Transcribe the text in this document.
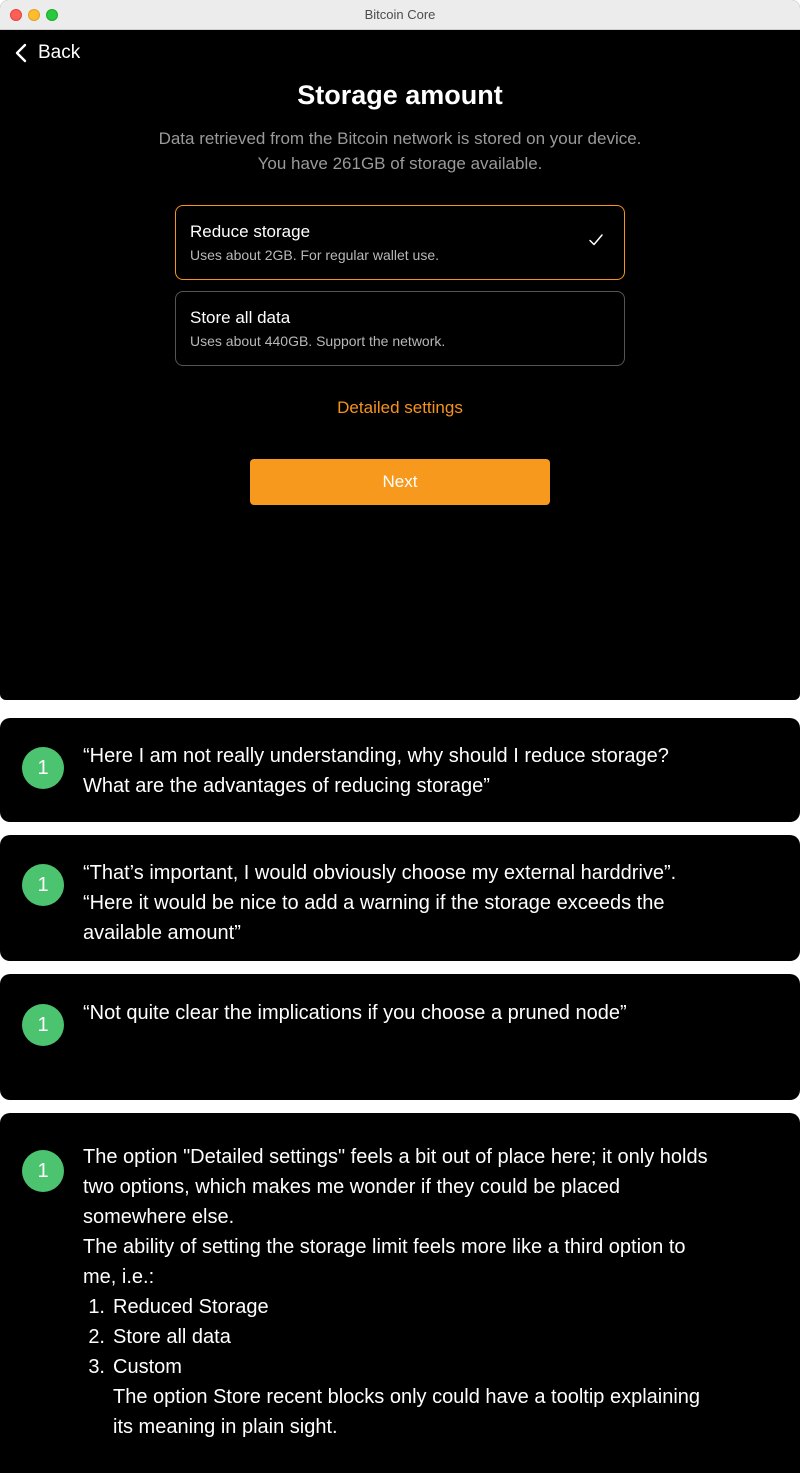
Bitcoin Core
Back
Storage amount
Data retrieved from the Bitcoin network is stored on your device.
You have 261GB of storage available.
Reduce storage
Uses about 2GB. For regular wallet use.
Store all data
Uses about 440GB. Support the network.
Detailed settings
Next
1

“Here I am not really understanding, why should I reduce storage?

What are the advantages of reducing storage”

1

“That’s important, I would obviously choose my external harddrive”.

“Here it would be nice to add a warning if the storage exceeds the

available amount”

1

“Not quite clear the implications if you choose a pruned node”

1

The option "Detailed settings" feels a bit out of place here; it only holds

two options, which makes me wonder if they could be placed

somewhere else.

The ability of setting the storage limit feels more like a third option to

me, i.e.:

1. Reduced Storage
2. Store all data
3. Custom

The option Store recent blocks only could have a tooltip explaining

its meaning in plain sight.
